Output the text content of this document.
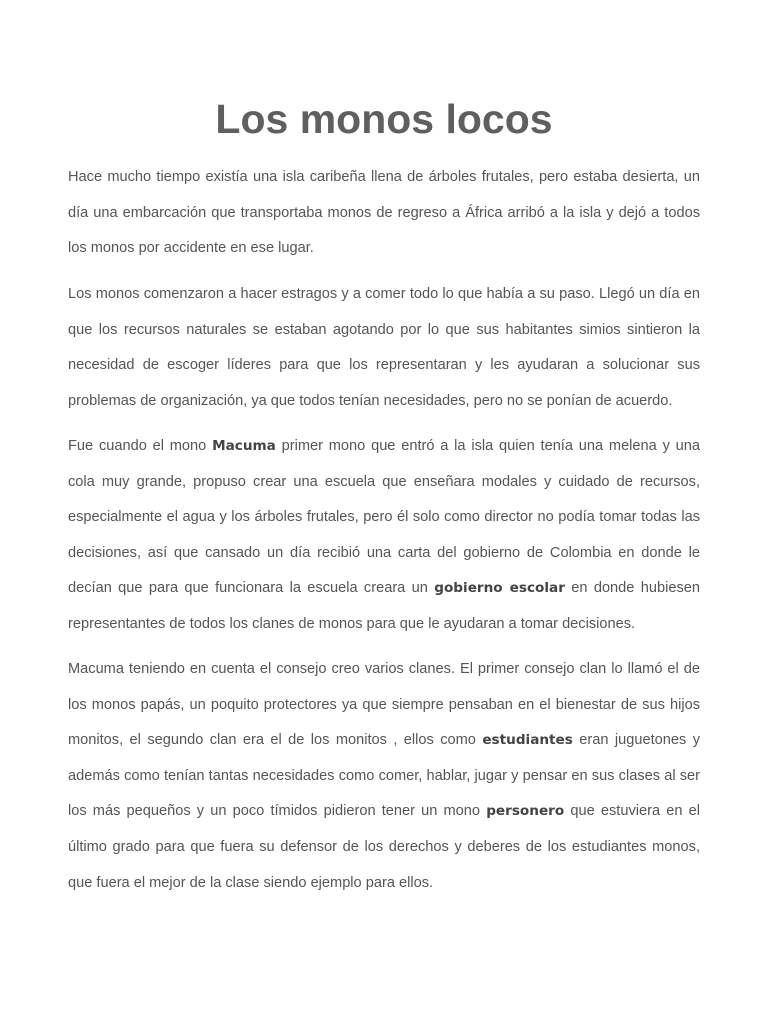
Los monos locos

Hace mucho tiempo existía una isla caribeña llena de árboles frutales, pero estaba desierta, un día una embarcación que transportaba monos de regreso a África arribó a la isla y dejó a todos los monos por accidente en ese lugar.

Los monos comenzaron a hacer estragos y a comer todo lo que había a su paso. Llegó un día en que los recursos naturales se estaban agotando por lo que sus habitantes simios sintieron la necesidad de escoger líderes para que los representaran y les ayudaran a solucionar sus problemas de organización, ya que todos tenían necesidades, pero no se ponían de acuerdo.

Fue cuando el mono Macuma primer mono que entró a la isla quien tenía una melena y una cola muy grande, propuso crear una escuela que enseñara modales y cuidado de recursos, especialmente el agua y los árboles frutales, pero él solo como director no podía tomar todas las decisiones, así que cansado un día recibió una carta del gobierno de Colombia en donde le decían que para que funcionara la escuela creara un gobierno escolar en donde hubiesen representantes de todos los clanes de monos para que le ayudaran a tomar decisiones.

Macuma teniendo en cuenta el consejo creo varios clanes. El primer consejo clan lo llamó el de los monos papás, un poquito protectores ya que siempre pensaban en el bienestar de sus hijos monitos, el segundo clan era el de los monitos , ellos como estudiantes eran juguetones y además como tenían tantas necesidades como comer, hablar, jugar y pensar en sus clases al ser los más pequeños y un poco tímidos pidieron tener un mono personero que estuviera en el último grado para que fuera su defensor de los derechos y deberes de los estudiantes monos, que fuera el mejor de la clase siendo ejemplo para ellos.
